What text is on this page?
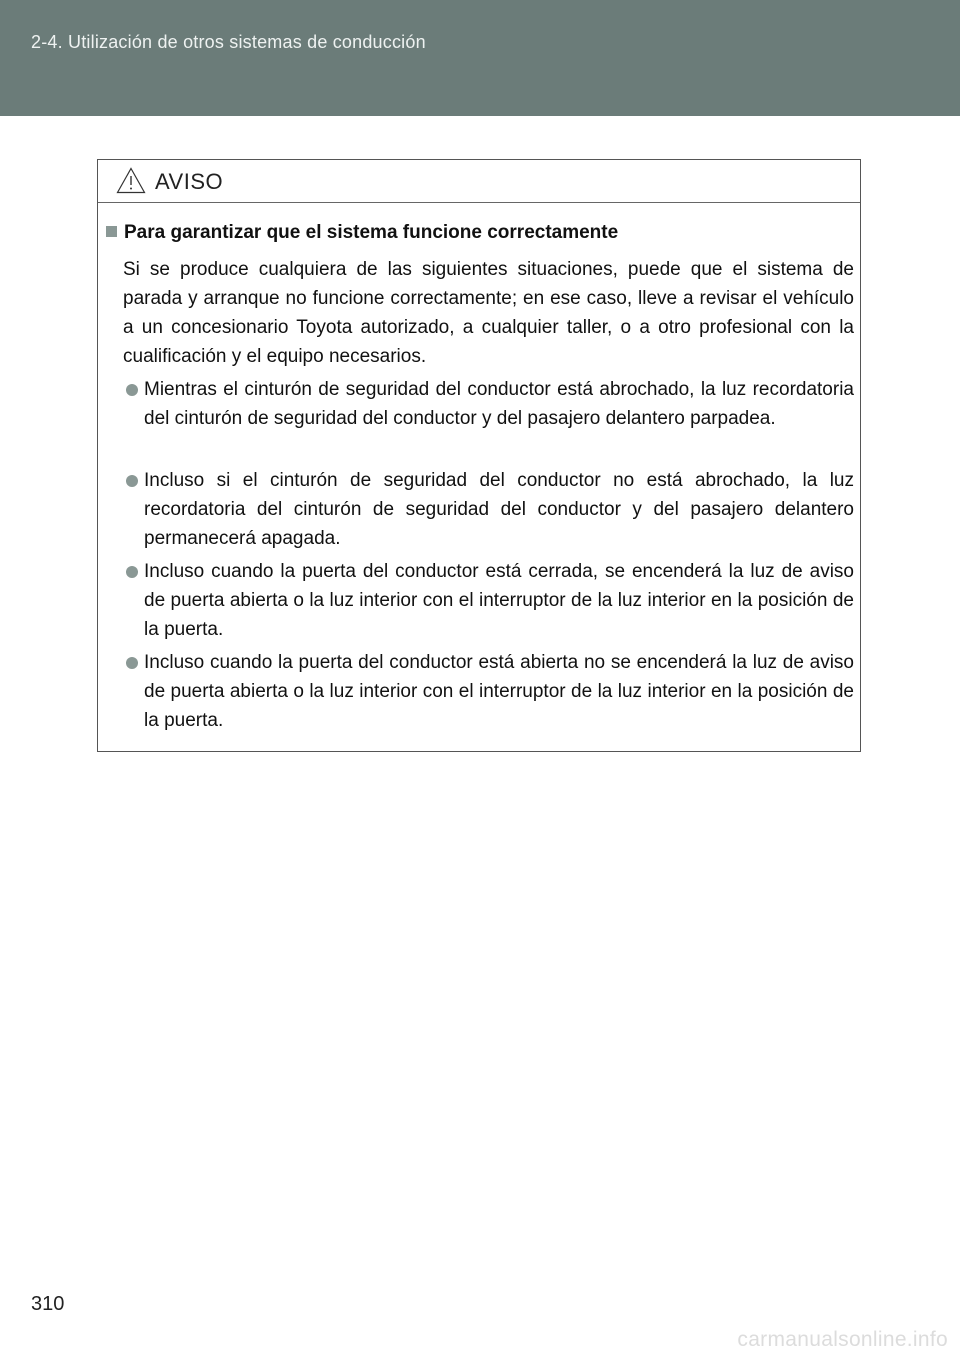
2-4. Utilización de otros sistemas de conducción
AVISO
Para garantizar que el sistema funcione correctamente
Si se produce cualquiera de las siguientes situaciones, puede que el sistema de parada y arranque no funcione correctamente; en ese caso, lleve a revisar el vehículo a un concesionario Toyota autorizado, a cualquier taller, o a otro profesional con la cualificación y el equipo necesarios.
Mientras el cinturón de seguridad del conductor está abrochado, la luz recordatoria del cinturón de seguridad del conductor y del pasajero delantero parpadea.
Incluso si el cinturón de seguridad del conductor no está abrochado, la luz recordatoria del cinturón de seguridad del conductor y del pasajero delantero permanecerá apagada.
Incluso cuando la puerta del conductor está cerrada, se encenderá la luz de aviso de puerta abierta o la luz interior con el interruptor de la luz interior en la posición de la puerta.
Incluso cuando la puerta del conductor está abierta no se encenderá la luz de aviso de puerta abierta o la luz interior con el interruptor de la luz interior en la posición de la puerta.
310
carmanualsonline.info
